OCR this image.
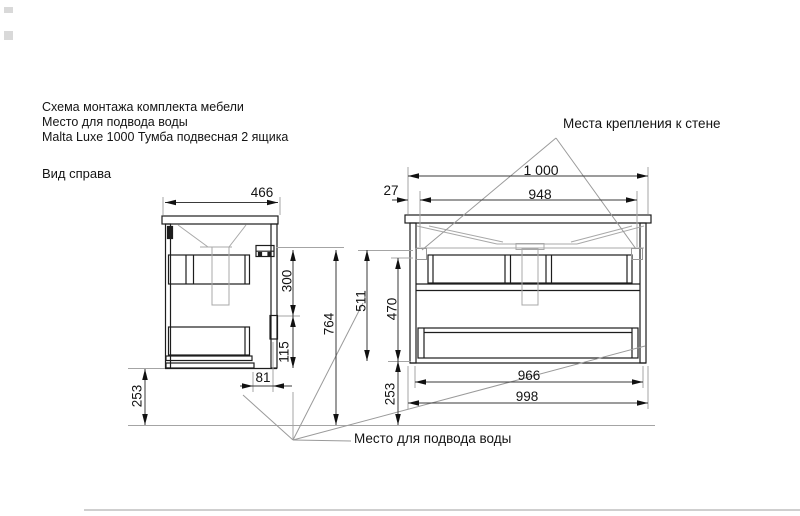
Схема монтажа комплекта мебели
Место для подвода воды
Malta Luxe 1000 Тумба подвесная 2 ящика
Вид справа
Места крепления к стене
Место для подвода воды
466
1 000
948
27
966
998
81
300
115
764
511 470
253	253
